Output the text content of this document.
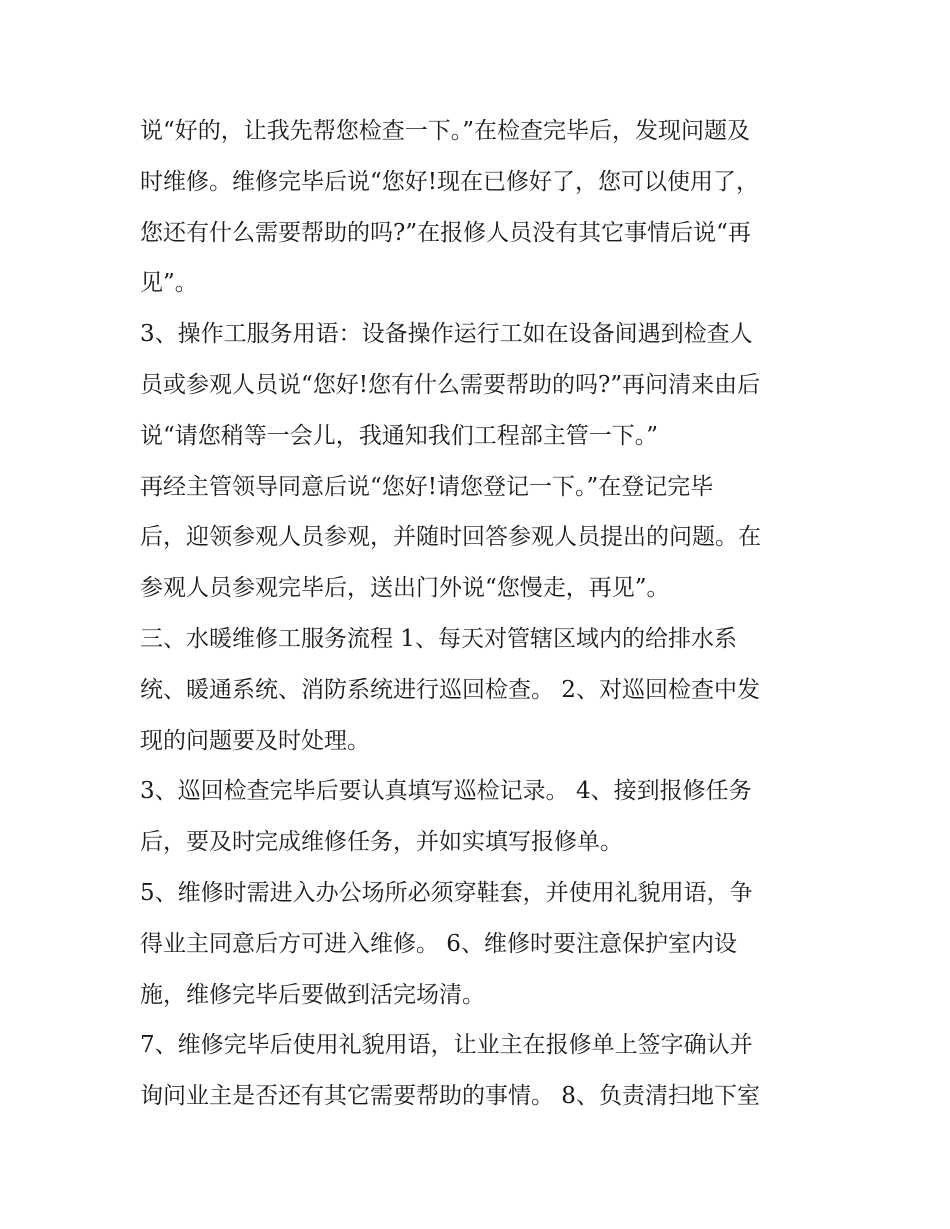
说“好的，让我先帮您检查一下。”在检查完毕后，发现问题及
时维修。维修完毕后说“您好!现在已修好了，您可以使用了，
您还有什么需要帮助的吗?”在报修人员没有其它事情后说“再
见”。
3、操作工服务用语：设备操作运行工如在设备间遇到检查人
员或参观人员说“您好!您有什么需要帮助的吗?”再问清来由后
说“请您稍等一会儿，我通知我们工程部主管一下。”
再经主管领导同意后说“您好!请您登记一下。”在登记完毕
后，迎领参观人员参观，并随时回答参观人员提出的问题。在
参观人员参观完毕后，送出门外说“您慢走，再见”。
三、水暖维修工服务流程 1、每天对管辖区域内的给排水系
统、暖通系统、消防系统进行巡回检查。 2、对巡回检查中发
现的问题要及时处理。
3、巡回检查完毕后要认真填写巡检记录。 4、接到报修任务
后，要及时完成维修任务，并如实填写报修单。
5、维修时需进入办公场所必须穿鞋套，并使用礼貌用语，争
得业主同意后方可进入维修。 6、维修时要注意保护室内设
施，维修完毕后要做到活完场清。
7、维修完毕后使用礼貌用语，让业主在报修单上签字确认并
询问业主是否还有其它需要帮助的事情。 8、负责清扫地下室
